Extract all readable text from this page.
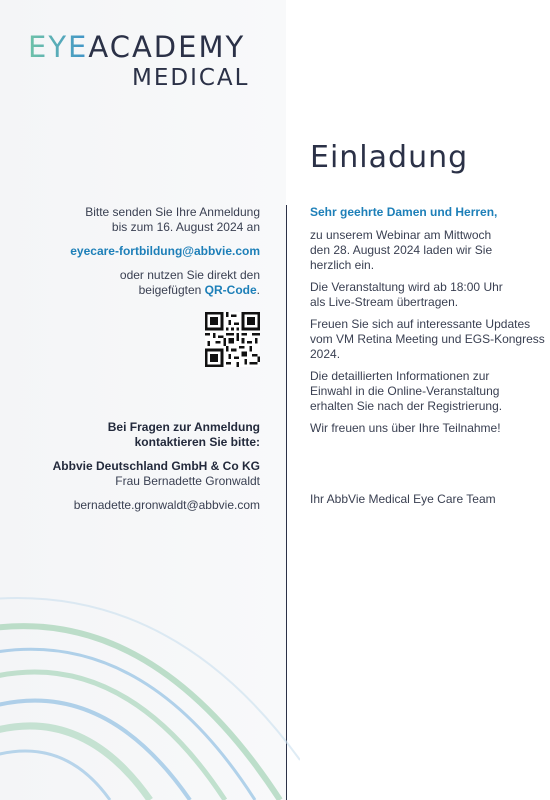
EYEACADEMY
MEDICAL
Einladung

Bitte senden Sie Ihre Anmeldung

bis zum 16. August 2024 an

eyecare-fortbildung@abbvie.com

oder nutzen Sie direkt den

beigefügten QR-Code.

Bei Fragen zur Anmeldung

kontaktieren Sie bitte:

Abbvie Deutschland GmbH & Co KG

Frau Bernadette Gronwaldt

bernadette.gronwaldt@abbvie.com

Sehr geehrte Damen und Herren,

zu unserem Webinar am Mittwoch

den 28. August 2024 laden wir Sie

herzlich ein.

Die Veranstaltung wird ab 18:00 Uhr

als Live-Stream übertragen.

Freuen Sie sich auf interessante Updates

vom VM Retina Meeting und EGS-Kongress

2024.

Die detaillierten Informationen zur

Einwahl in die Online-Veranstaltung

erhalten Sie nach der Registrierung.

Wir freuen uns über Ihre Teilnahme!

Ihr AbbVie Medical Eye Care Team
